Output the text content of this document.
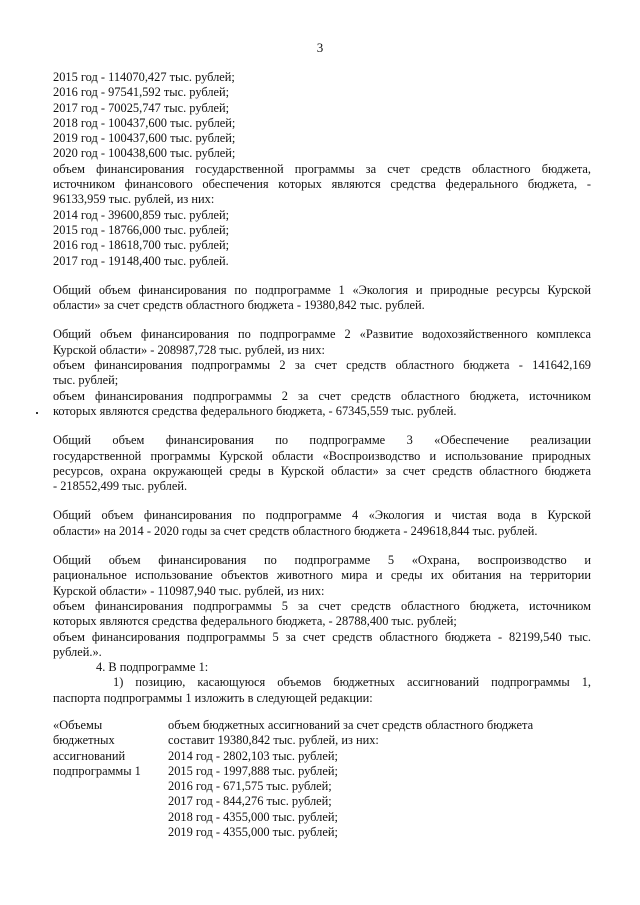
3
2015 год - 114070,427 тыс. рублей;
2016 год - 97541,592 тыс. рублей;
2017 год - 70025,747 тыс. рублей;
2018 год - 100437,600 тыс. рублей;
2019 год - 100437,600 тыс. рублей;
2020 год - 100438,600 тыс. рублей;
объем финансирования государственной программы за счет средств областного бюджета,
источником финансового обеспечения которых являются средства федерального бюджета, -
96133,959 тыс. рублей, из них:
2014 год - 39600,859 тыс. рублей;
2015 год - 18766,000 тыс. рублей;
2016 год - 18618,700 тыс. рублей;
2017 год - 19148,400 тыс. рублей.
Общий объем финансирования по подпрограмме 1 «Экология и природные ресурсы Курской
области» за счет средств областного бюджета - 19380,842 тыс. рублей.
Общий объем финансирования по подпрограмме 2 «Развитие водохозяйственного комплекса
Курской области» - 208987,728 тыс. рублей, из них:
объем финансирования подпрограммы 2 за счет средств областного бюджета - 141642,169
тыс. рублей;
объем финансирования подпрограммы 2 за счет средств областного бюджета, источником
которых являются средства федерального бюджета, - 67345,559 тыс. рублей.
Общий объем финансирования по подпрограмме 3 «Обеспечение реализации
государственной программы Курской области «Воспроизводство и использование природных
ресурсов, охрана окружающей среды в Курской области» за счет средств областного бюджета
- 218552,499 тыс. рублей.
Общий объем финансирования по подпрограмме 4 «Экология и чистая вода в Курской
области» на 2014 - 2020 годы за счет средств областного бюджета - 249618,844 тыс. рублей.
Общий объем финансирования по подпрограмме 5 «Охрана, воспроизводство и
рациональное использование объектов животного мира и среды их обитания на территории
Курской области» - 110987,940 тыс. рублей, из них:
объем финансирования подпрограммы 5 за счет средств областного бюджета, источником
которых являются средства федерального бюджета, - 28788,400 тыс. рублей;
объем финансирования подпрограммы 5 за счет средств областного бюджета - 82199,540 тыс.
рублей.».
4. В подпрограмме 1:
1) позицию, касающуюся объемов бюджетных ассигнований подпрограммы 1,
паспорта подпрограммы 1 изложить в следующей редакции:
«Объемы
бюджетных
ассигнований
подпрограммы 1
объем бюджетных ассигнований за счет средств областного бюджета
составит 19380,842 тыс. рублей, из них:
2014 год - 2802,103 тыс. рублей;
2015 год - 1997,888 тыс. рублей;
2016 год - 671,575 тыс. рублей;
2017 год - 844,276 тыс. рублей;
2018 год - 4355,000 тыс. рублей;
2019 год - 4355,000 тыс. рублей;
